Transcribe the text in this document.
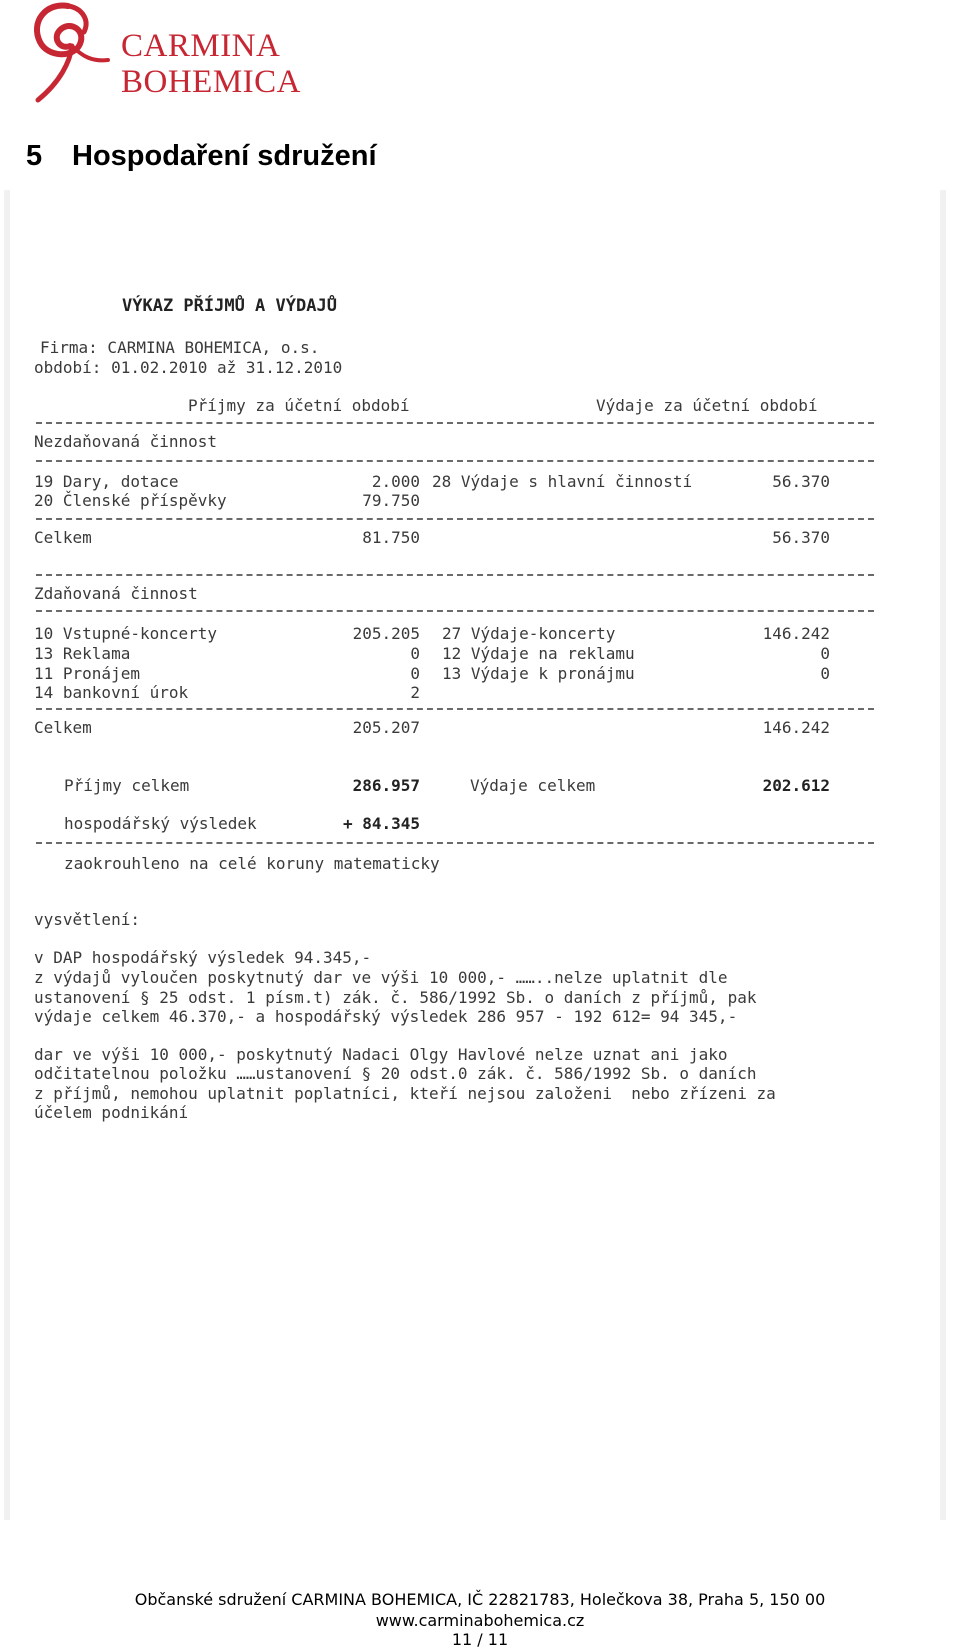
CARMINA
BOHEMICA
5 Hospodaření sdružení
VÝKAZ PŘÍJMŮ A VÝDAJŮ
Firma: CARMINA BOHEMICA, o.s.
období: 01.02.2010 až 31.12.2010
Příjmy za účetní období	Výdaje za účetní období
Nezdaňovaná činnost
19 Dary, dotace	2.000 28 Výdaje s hlavní činností	56.370
20 Členské příspěvky	79.750
Celkem	81.750	56.370
Zdaňovaná činnost
10 Vstupné-koncerty	205.205 27 Výdaje-koncerty	146.242
13 Reklama	0 12 Výdaje na reklamu	0
11 Pronájem	0 13 Výdaje k pronájmu	0
14 bankovní úrok	2
Celkem	205.207	146.242
Příjmy celkem	286.957	Výdaje celkem	202.612
hospodářský výsledek	+ 84.345
zaokrouhleno na celé koruny matematicky
vysvětlení:
v DAP hospodářský výsledek 94.345,-
z výdajů vyloučen poskytnutý dar ve výši 10 000,- ……..nelze uplatnit dle
ustanovení § 25 odst. 1 písm.t) zák. č. 586/1992 Sb. o daních z příjmů, pak
výdaje celkem 46.370,- a hospodářský výsledek 286 957 - 192 612= 94 345,-
dar ve výši 10 000,- poskytnutý Nadaci Olgy Havlové nelze uznat ani jako
odčitatelnou položku ……ustanovení § 20 odst.0 zák. č. 586/1992 Sb. o daních
z příjmů, nemohou uplatnit poplatníci, kteří nejsou založeni  nebo zřízeni za
účelem podnikání
Občanské sdružení CARMINA BOHEMICA, IČ 22821783, Holečkova 38, Praha 5, 150 00
www.carminabohemica.cz
11 / 11
